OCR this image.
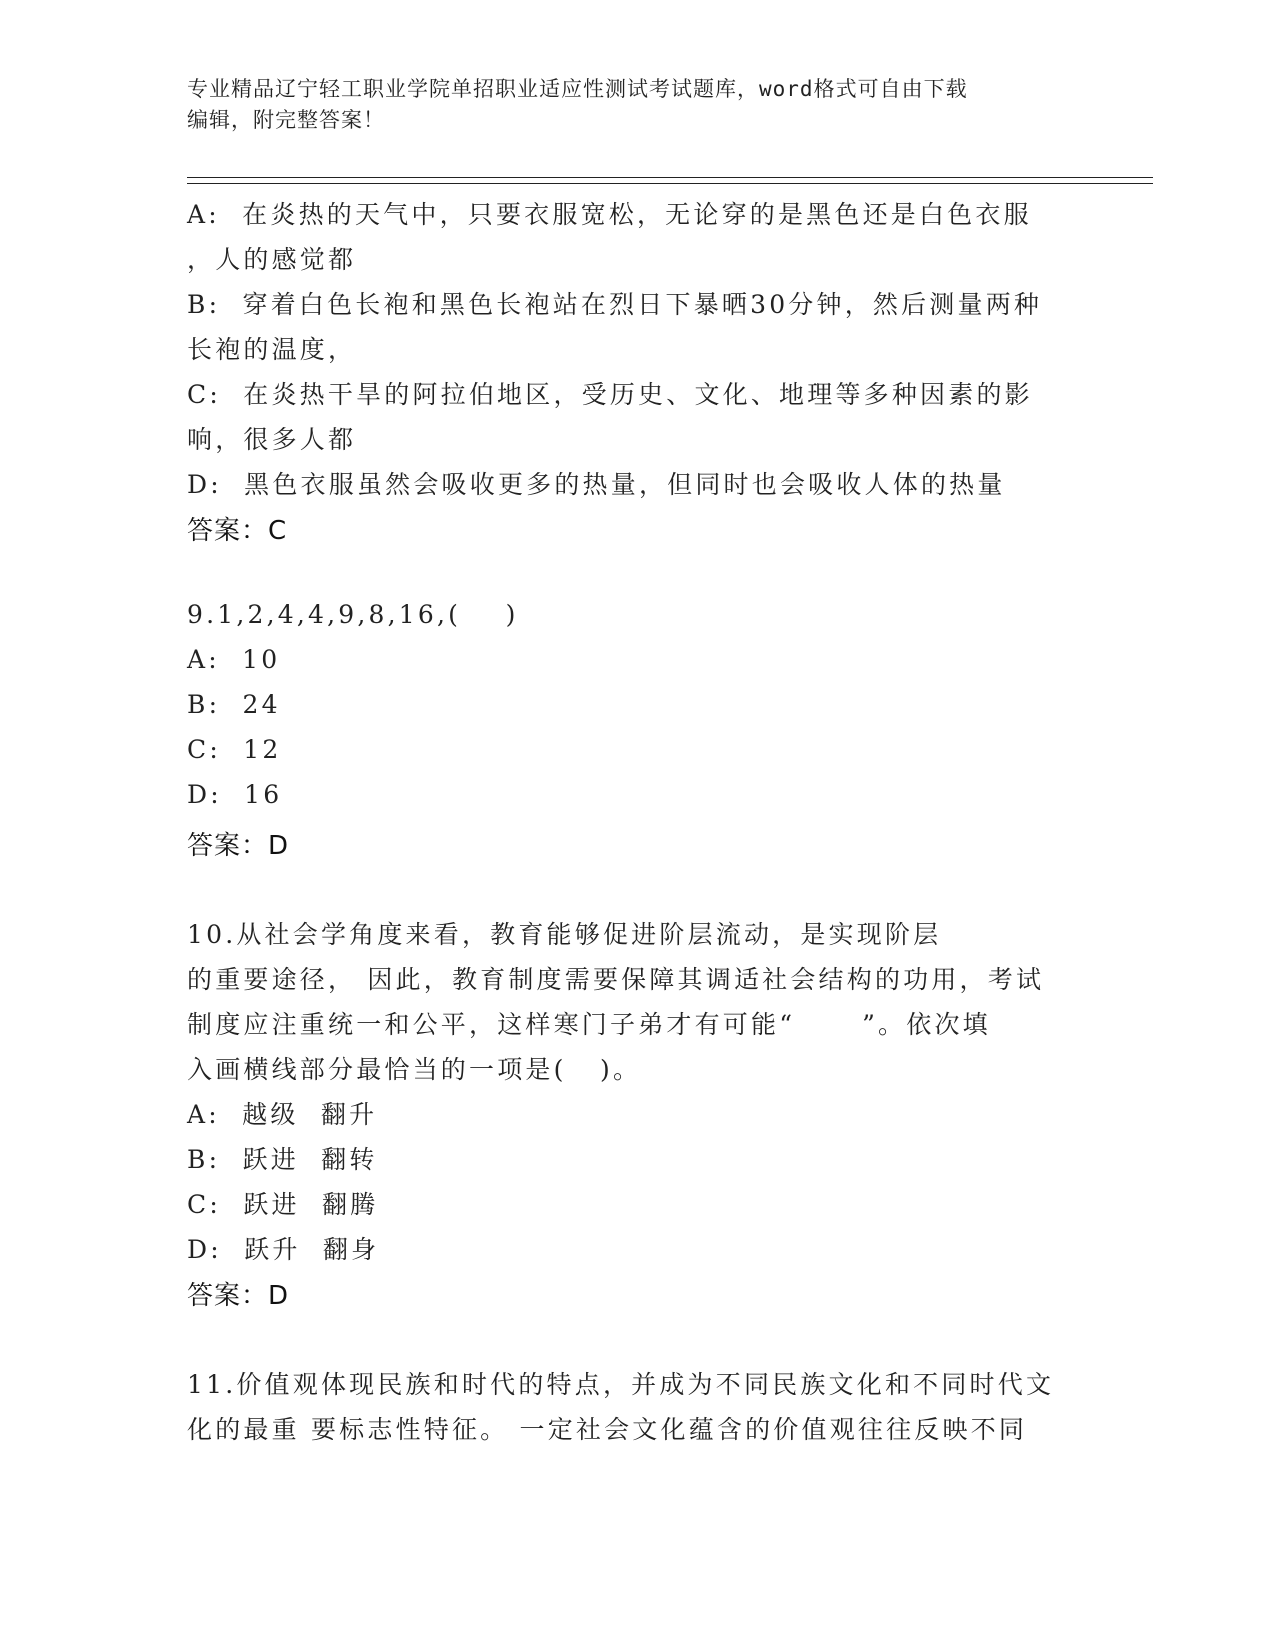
专业精品辽宁轻工职业学院单招职业适应性测试考试题库，word格式可自由下载
编辑，附完整答案！
A:  在炎热的天气中，只要衣服宽松，无论穿的是黑色还是白色衣服
，人的感觉都
B:  穿着白色长袍和黑色长袍站在烈日下暴晒30分钟，然后测量两种
长袍的温度，
C:  在炎热干旱的阿拉伯地区，受历史、文化、地理等多种因素的影
响，很多人都
D:  黑色衣服虽然会吸收更多的热量，但同时也会吸收人体的热量
答案：C
9.1,2,4,4,9,8,16,(    )
A:  10
B:  24
C:  12
D:  16
答案：D
10.从社会学角度来看，教育能够促进阶层流动，是实现阶层
的重要途径， 因此，教育制度需要保障其调适社会结构的功用，考试
制度应注重统一和公平，这样寒门子弟才有可能“      ”。依次填
入画横线部分最恰当的一项是(   )。
A:  越级  翻升
B:  跃进  翻转
C:  跃进  翻腾
D:  跃升  翻身
答案：D
11.价值观体现民族和时代的特点，并成为不同民族文化和不同时代文
化的最重 要标志性特征。 一定社会文化蕴含的价值观往往反映不同
